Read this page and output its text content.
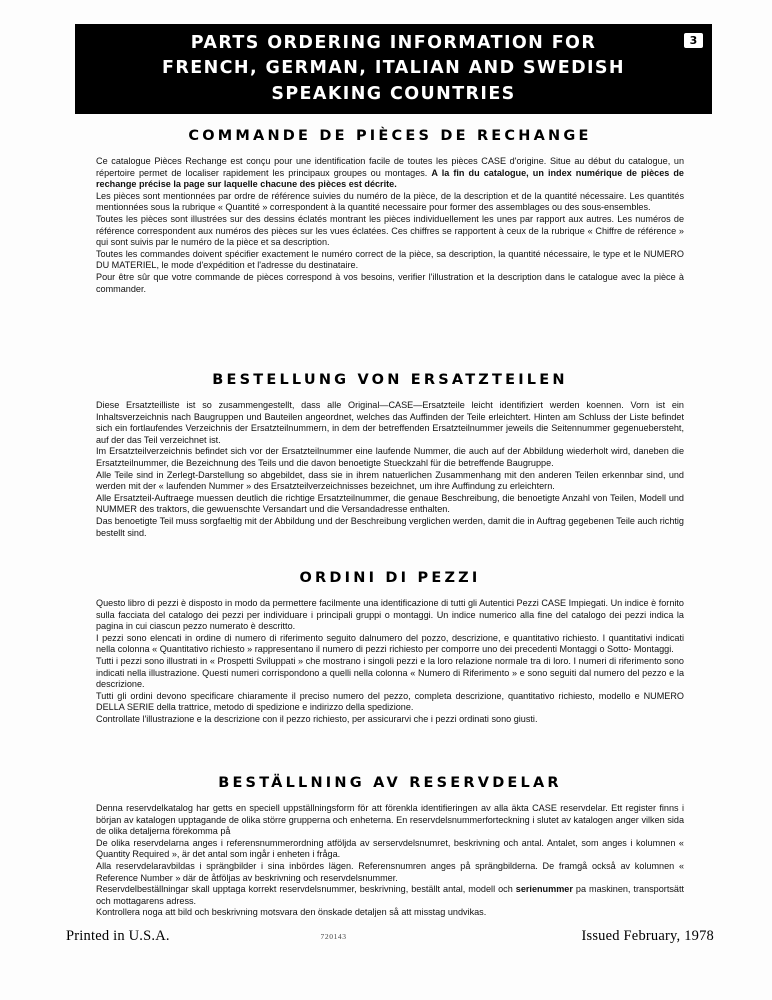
PARTS ORDERING INFORMATION FOR
FRENCH, GERMAN, ITALIAN AND SWEDISH
SPEAKING COUNTRIES
3
COMMANDE DE PIÈCES DE RECHANGE

Ce catalogue Pièces Rechange est conçu pour une identification facile de toutes les pièces CASE d'origine. Situe au début du catalogue, un répertoire permet de localiser rapidement les principaux groupes ou montages. A la fin du catalogue, un index numérique de pièces de rechange précise la page sur laquelle chacune des pièces est décrite.

Les pièces sont mentionnées par ordre de référence suivies du numéro de la pièce, de la description et de la quantité nécessaire. Les quantités mentionnées sous la rubrique « Quantité » correspondent à la quantité necessaire pour former des assemblages ou des sous-ensembles.

Toutes les pièces sont illustrées sur des dessins éclatés montrant les pièces individuellement les unes par rapport aux autres. Les numéros de référence correspondent aux numéros des pièces sur les vues éclatées. Ces chiffres se rapportent à ceux de la rubrique « Chiffre de référence » qui sont suivis par le numéro de la pièce et sa description.

Toutes les commandes doivent spécifier exactement le numéro correct de la pièce, sa description, la quantité nécessaire, le type et le NUMERO DU MATERIEL, le mode d'expédition et l'adresse du destinataire.

Pour être sûr que votre commande de pièces correspond à vos besoins, verifier l'illustration et la description dans le catalogue avec la pièce à commander.

BESTELLUNG VON ERSATZTEILEN

Diese Ersatzteilliste ist so zusammengestellt, dass alle Original—CASE—Ersatzteile leicht identifiziert werden koennen. Vorn ist ein Inhaltsverzeichnis nach Baugruppen und Bauteilen angeordnet, welches das Auffinden der Teile erleichtert. Hinten am Schluss der Liste befindet sich ein fortlaufendes Verzeichnis der Ersatzteilnummern, in dem der betreffenden Ersatzteilnummer jeweils die Seitennummer gegenuebersteht, auf der das Teil verzeichnet ist.

Im Ersatzteilverzeichnis befindet sich vor der Ersatzteilnummer eine laufende Nummer, die auch auf der Abbildung wiederholt wird, daneben die Ersatzteilnummer, die Bezeichnung des Teils und die davon benoetigte Stueckzahl für die betreffende Baugruppe.

Alle Teile sind in Zerlegt-Darstellung so abgebildet, dass sie in ihrem natuerlichen Zusammenhang mit den anderen Teilen erkennbar sind, und werden mit der « laufenden Nummer » des Ersatzteilverzeichnisses bezeichnet, um ihre Auffindung zu erleichtern.

Alle Ersatzteil-Auftraege muessen deutlich die richtige Ersatzteilnummer, die genaue Beschreibung, die benoetigte Anzahl von Teilen, Modell und NUMMER des traktors, die gewuenschte Versandart und die Versandadresse enthalten.

Das benoetigte Teil muss sorgfaeltig mit der Abbildung und der Beschreibung verglichen werden, damit die in Auftrag gegebenen Teile auch richtig bestellt sind.

ORDINI DI PEZZI

Questo libro di pezzi è disposto in modo da permettere facilmente una identificazione di tutti gli Autentici Pezzi CASE Impiegati. Un indice è fornito sulla facciata del catalogo dei pezzi per individuare i principali gruppi o montaggi. Un indice numerico alla fine del catalogo dei pezzi indica la pagina in cui ciascun pezzo numerato è descritto.

I pezzi sono elencati in ordine di numero di riferimento seguito dalnumero del pozzo, descrizione, e quantitativo richiesto. I quantitativi indicati nella colonna « Quantitativo richiesto » rappresentano il numero di pezzi richiesto per comporre uno dei precedenti Montaggi o Sotto- Montaggi.

Tutti i pezzi sono illustrati in « Prospetti Sviluppati » che mostrano i singoli pezzi e la loro relazione normale tra di loro. I numeri di riferimento sono indicati nella illustrazione. Questi numeri corrispondono a quelli nella colonna « Numero di Riferimento » e sono seguiti dal numero del pezzo e la descrizione.

Tutti gli ordini devono specificare chiaramente il preciso numero del pezzo, completa descrizione, quantitativo richiesto, modello e NUMERO DELLA SERIE della trattrice, metodo di spedizione e indirizzo della spedizione.

Controllate l'illustrazione e la descrizione con il pezzo richiesto, per assicurarvi che i pezzi ordinati sono giusti.

BESTÄLLNING AV RESERVDELAR

Denna reservdelkatalog har getts en speciell uppställningsform för att förenkla identifieringen av alla äkta CASE reservdelar. Ett register finns i början av katalogen upptagande de olika större grupperna och enheterna. En reservdelsnummerforteckning i slutet av katalogen anger vilken sida de olika detaljerna förekomma på

De olika reservdelarna anges i referensnummerordning atföljda av serservdelsnumret, beskrivning och antal. Antalet, som anges i kolumnen « Quantity Required », är det antal som ingår i enheten i fråga.

Alla reservdelaravbildas i sprängbilder i sina inbördes lägen. Referensnumren anges på sprängbilderna. De framgå också av kolumnen « Reference Number » där de åtföljas av beskrivning och reservdelsnummer.

Reservdelbeställningar skall upptaga korrekt reservdelsnummer, beskrivning, beställt antal, modell och serienummer pa maskinen, transportsätt och mottagarens adress.

Kontrollera noga att bild och beskrivning motsvara den önskade detaljen så att misstag undvikas.

Printed in U.S.A.	720143	Issued February, 1978
